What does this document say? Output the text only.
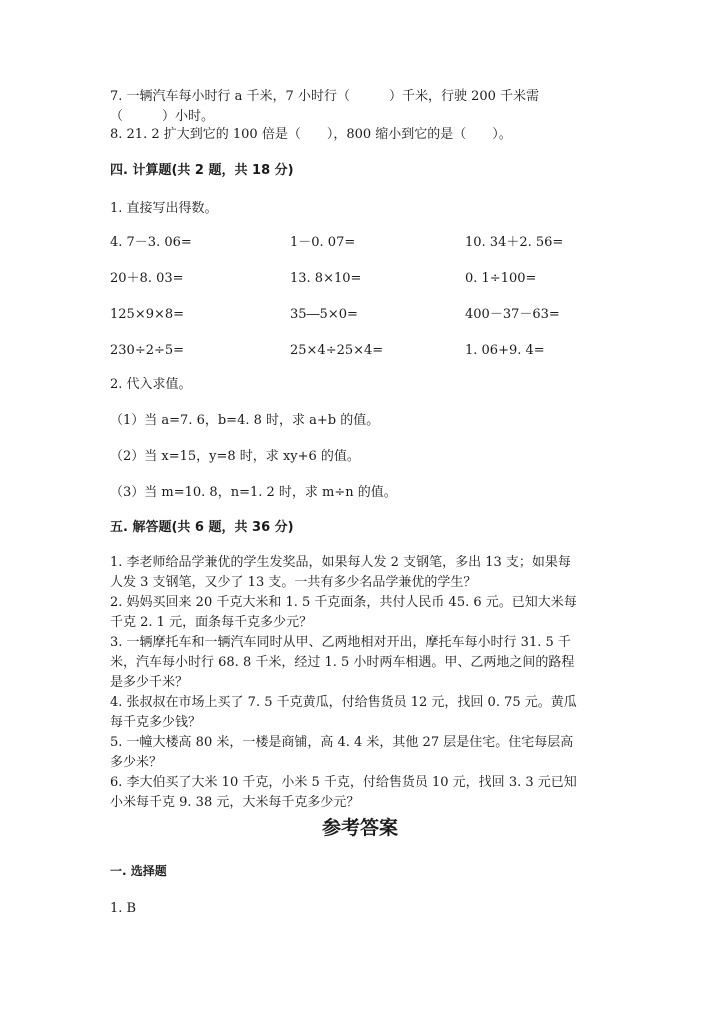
7. 一辆汽车每小时行 a 千米，7 小时行（　　　）千米，行驶 200 千米需
（　　　）小时。
8. 21. 2 扩大到它的 100 倍是（　　），800 缩小到它的是（　　）。
四. 计算题(共 2 题，共 18 分)
1. 直接写出得数。
4. 7－3. 06=	1－0. 07=	10. 34＋2. 56=
20＋8. 03=	13. 8×10=	0. 1÷100=
125×9×8=	35―5×0=	400－37－63=
230÷2÷5=	25×4÷25×4=	1. 06+9. 4=
2. 代入求值。
（1）当 a=7. 6，b=4. 8 时，求 a+b 的值。
（2）当 x=15，y=8 时，求 xy+6 的值。
（3）当 m=10. 8，n=1. 2 时，求 m÷n 的值。
五. 解答题(共 6 题，共 36 分)
1. 李老师给品学兼优的学生发奖品，如果每人发 2 支钢笔，多出 13 支；如果每
人发 3 支钢笔，又少了 13 支。一共有多少名品学兼优的学生？
2. 妈妈买回来 20 千克大米和 1. 5 千克面条，共付人民币 45. 6 元。已知大米每
千克 2. 1 元，面条每千克多少元？
3. 一辆摩托车和一辆汽车同时从甲、乙两地相对开出，摩托车每小时行 31. 5 千
米，汽车每小时行 68. 8 千米，经过 1. 5 小时两车相遇。甲、乙两地之间的路程
是多少千米？
4. 张叔叔在市场上买了 7. 5 千克黄瓜，付给售货员 12 元，找回 0. 75 元。黄瓜
每千克多少钱？
5. 一幢大楼高 80 米，一楼是商铺，高 4. 4 米，其他 27 层是住宅。住宅每层高
多少米？
6. 李大伯买了大米 10 千克，小米 5 千克，付给售货员 10 元，找回 3. 3 元已知
小米每千克 9. 38 元，大米每千克多少元？
参考答案
一. 选择题
1. B
